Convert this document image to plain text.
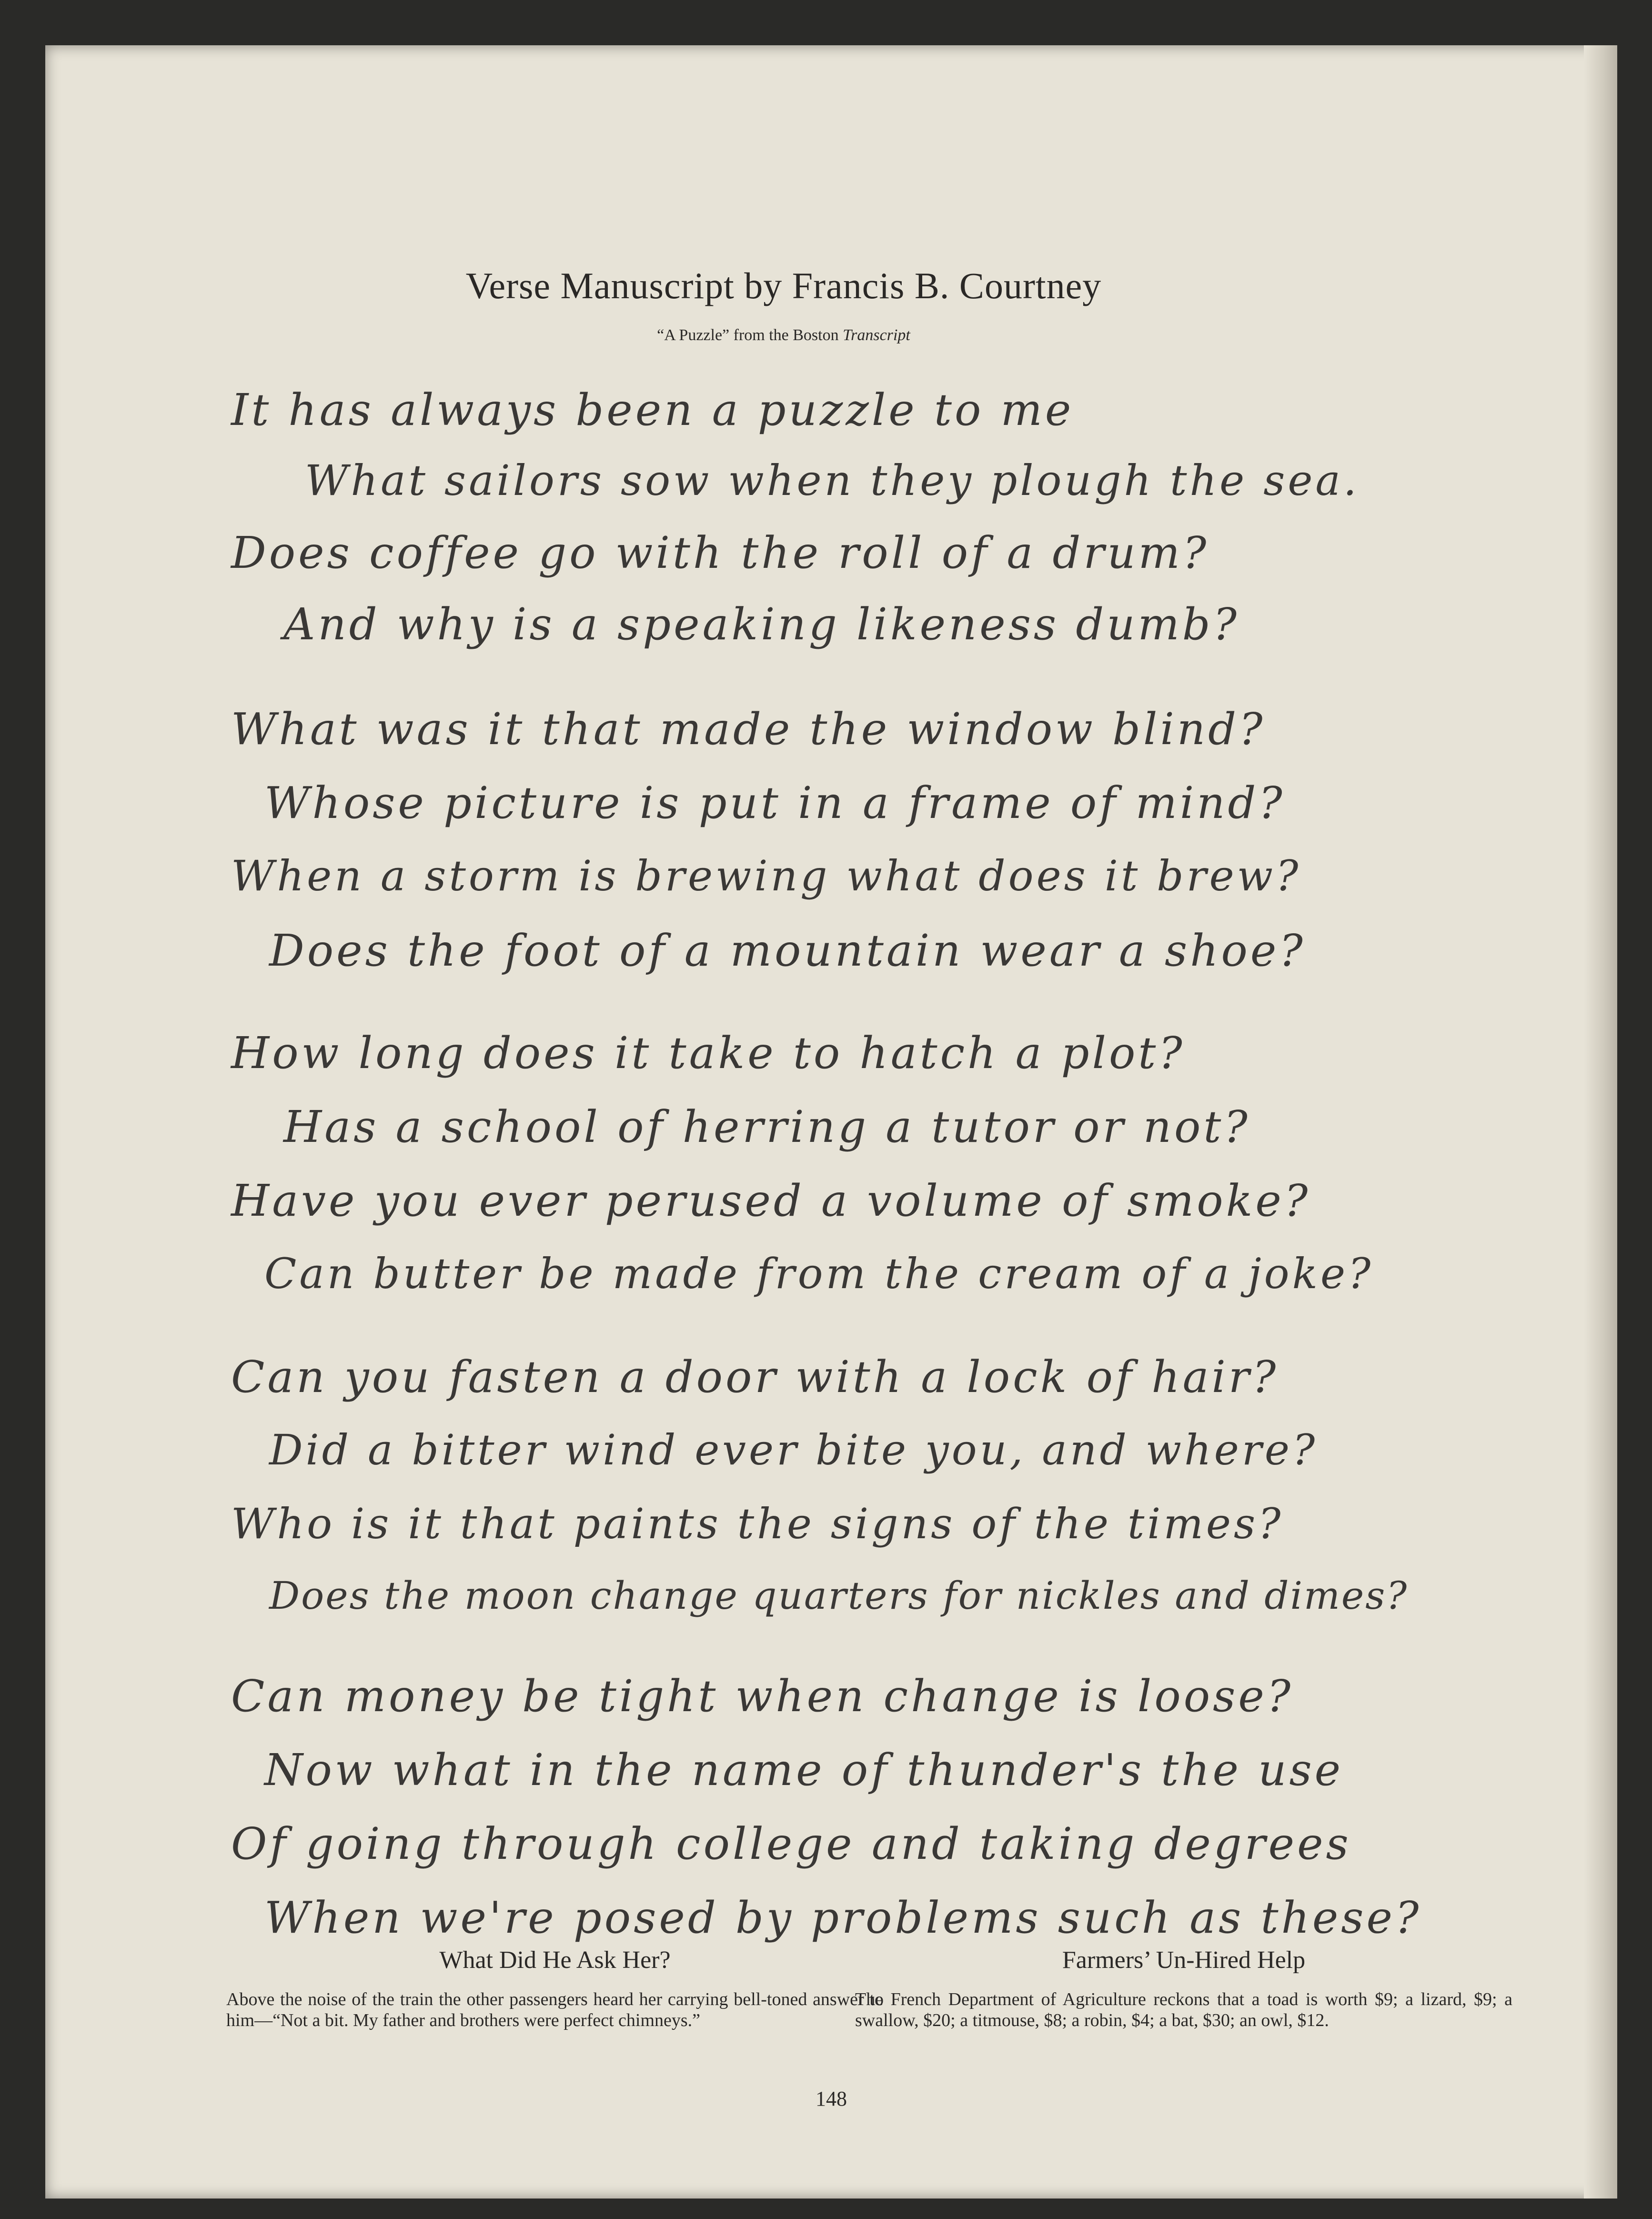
Verse Manuscript by Francis B. Courtney
“A Puzzle” from the Boston Transcript
It has always been a puzzle to me
What sailors sow when they plough the sea.
Does coffee go with the roll of a drum?
And why is a speaking likeness dumb?
What was it that made the window blind?
Whose picture is put in a frame of mind?
When a storm is brewing what does it brew?
Does the foot of a mountain wear a shoe?
How long does it take to hatch a plot?
Has a school of herring a tutor or not?
Have you ever perused a volume of smoke?
Can butter be made from the cream of a joke?
Can you fasten a door with a lock of hair?
Did a bitter wind ever bite you, and where?
Who is it that paints the signs of the times?
Does the moon change quarters for nickles and dimes?
Can money be tight when change is loose?
Now what in the name of thunder's the use
Of going through college and taking degrees
When we're posed by problems such as these?
What Did He Ask Her?
Above the noise of the train the other passengers heard her carrying bell-toned answer to him—“Not a bit. My father and brothers were perfect chimneys.”
Farmers’ Un-Hired Help
The French Department of Agriculture reckons that a toad is worth $9; a lizard, $9; a swallow, $20; a titmouse, $8; a robin, $4; a bat, $30; an owl, $12.
148
